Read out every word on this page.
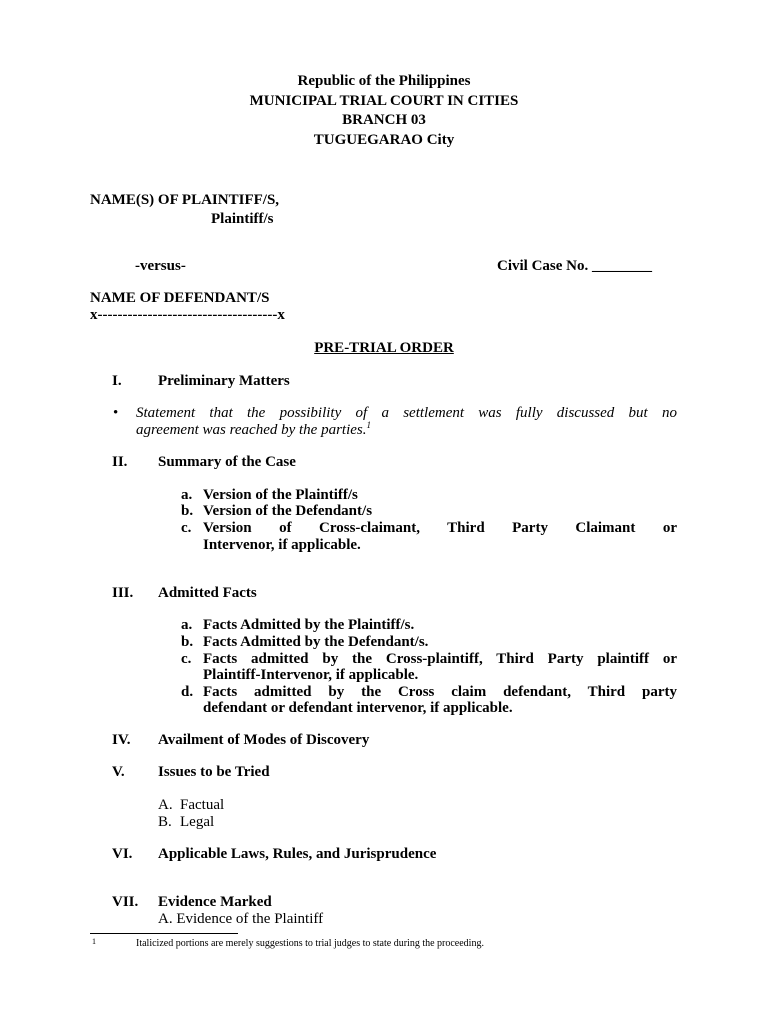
Republic of the Philippines
MUNICIPAL TRIAL COURT IN CITIES
BRANCH 03
TUGUEGARAO City
NAME(S) OF PLAINTIFF/S,
Plaintiff/s
-versus-	Civil Case No. ________
NAME OF DEFENDANT/S
x------------------------------------x
PRE-TRIAL ORDER
I. Preliminary Matters
• Statement that the possibility of a settlement was fully discussed but no
agreement was reached by the parties.$^1$
II. Summary of the Case
a. Version of the Plaintiff/s
b. Version of the Defendant/s
c. Version of Cross-claimant, Third Party Claimant or
Intervenor, if applicable.
III. Admitted Facts
a. Facts Admitted by the Plaintiff/s.
b. Facts Admitted by the Defendant/s.
c. Facts admitted by the Cross-plaintiff, Third Party plaintiff or
Plaintiff-Intervenor, if applicable.
d. Facts admitted by the Cross claim defendant, Third party
defendant or defendant intervenor, if applicable.
IV. Availment of Modes of Discovery
V. Issues to be Tried
A. Factual
B. Legal
VI. Applicable Laws, Rules, and Jurisprudence
VII. Evidence Marked
A. Evidence of the Plaintiff
1	Italicized portions are merely suggestions to trial judges to state during the proceeding.
